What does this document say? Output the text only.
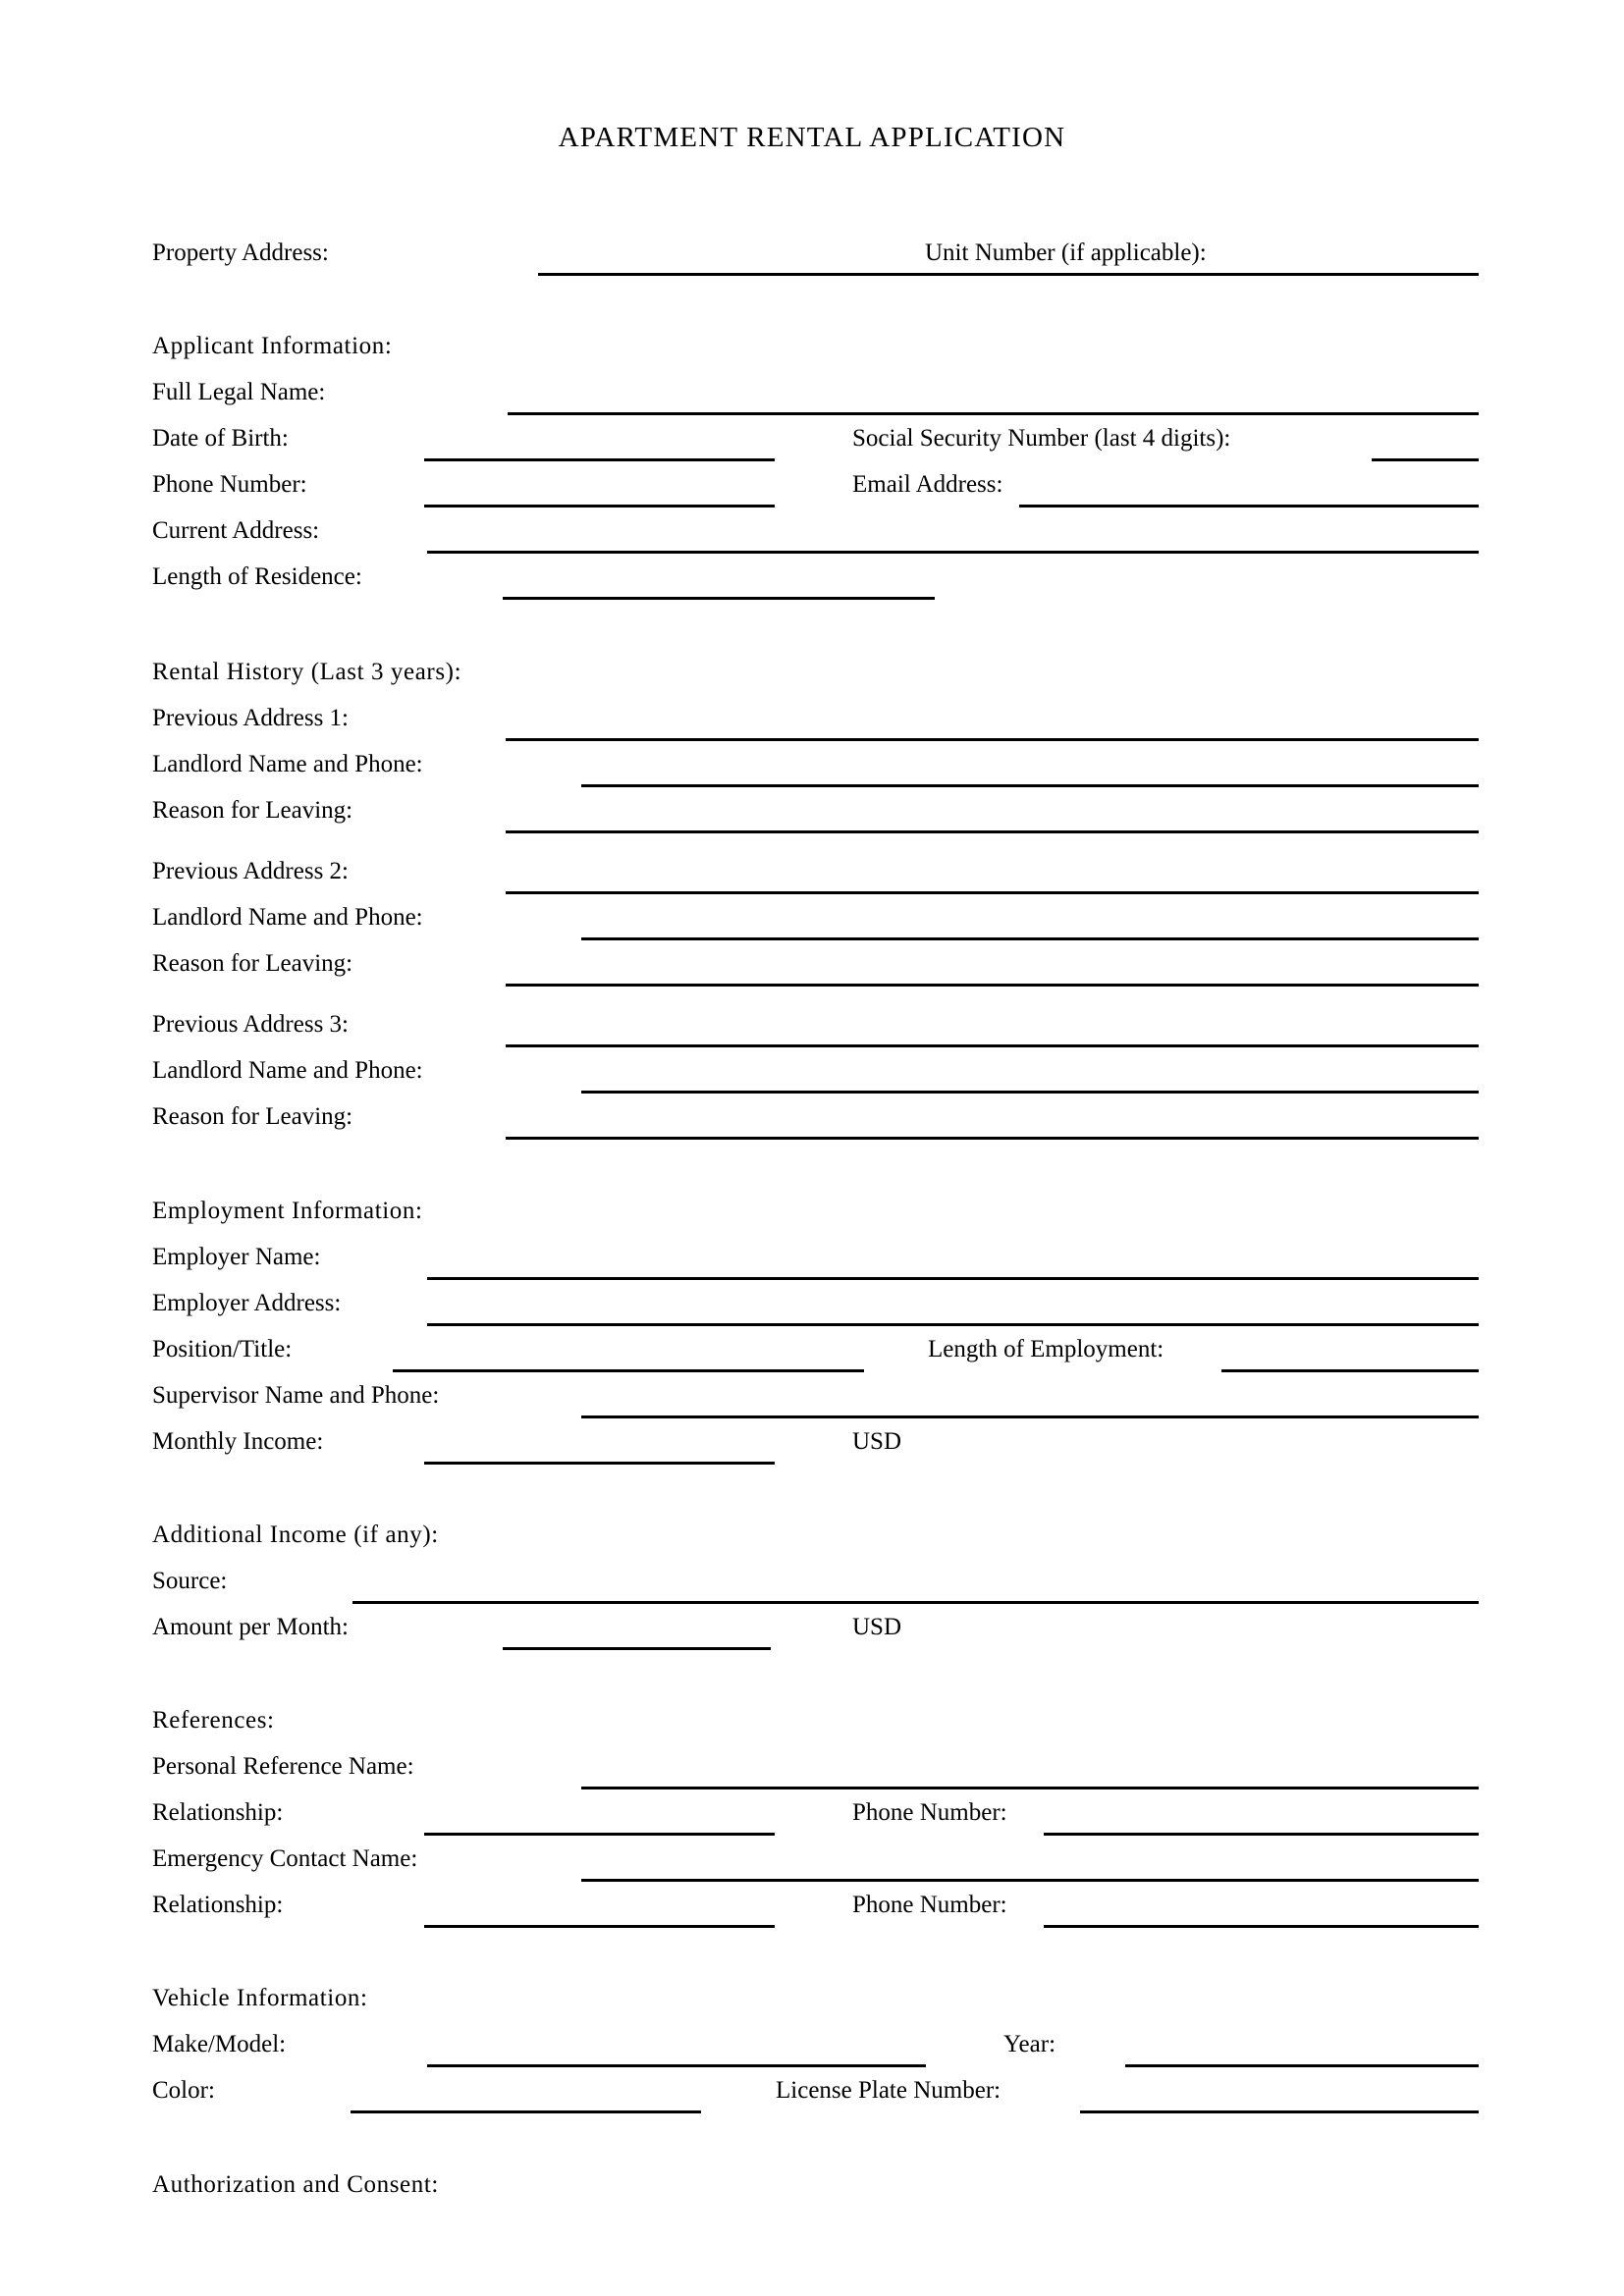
APARTMENT RENTAL APPLICATION
Property Address:	Unit Number (if applicable):
Applicant Information:
Full Legal Name:
Date of Birth:	Social Security Number (last 4 digits):
Phone Number:	Email Address:
Current Address:
Length of Residence:
Rental History (Last 3 years):
Previous Address 1:
Landlord Name and Phone:
Reason for Leaving:
Previous Address 2:
Landlord Name and Phone:
Reason for Leaving:
Previous Address 3:
Landlord Name and Phone:
Reason for Leaving:
Employment Information:
Employer Name:
Employer Address:
Position/Title:	Length of Employment:
Supervisor Name and Phone:
Monthly Income:	USD
Additional Income (if any):
Source:
Amount per Month:	USD
References:
Personal Reference Name:
Relationship:	Phone Number:
Emergency Contact Name:
Relationship:	Phone Number:
Vehicle Information:
Make/Model:	Year:
Color:	License Plate Number:
Authorization and Consent:
